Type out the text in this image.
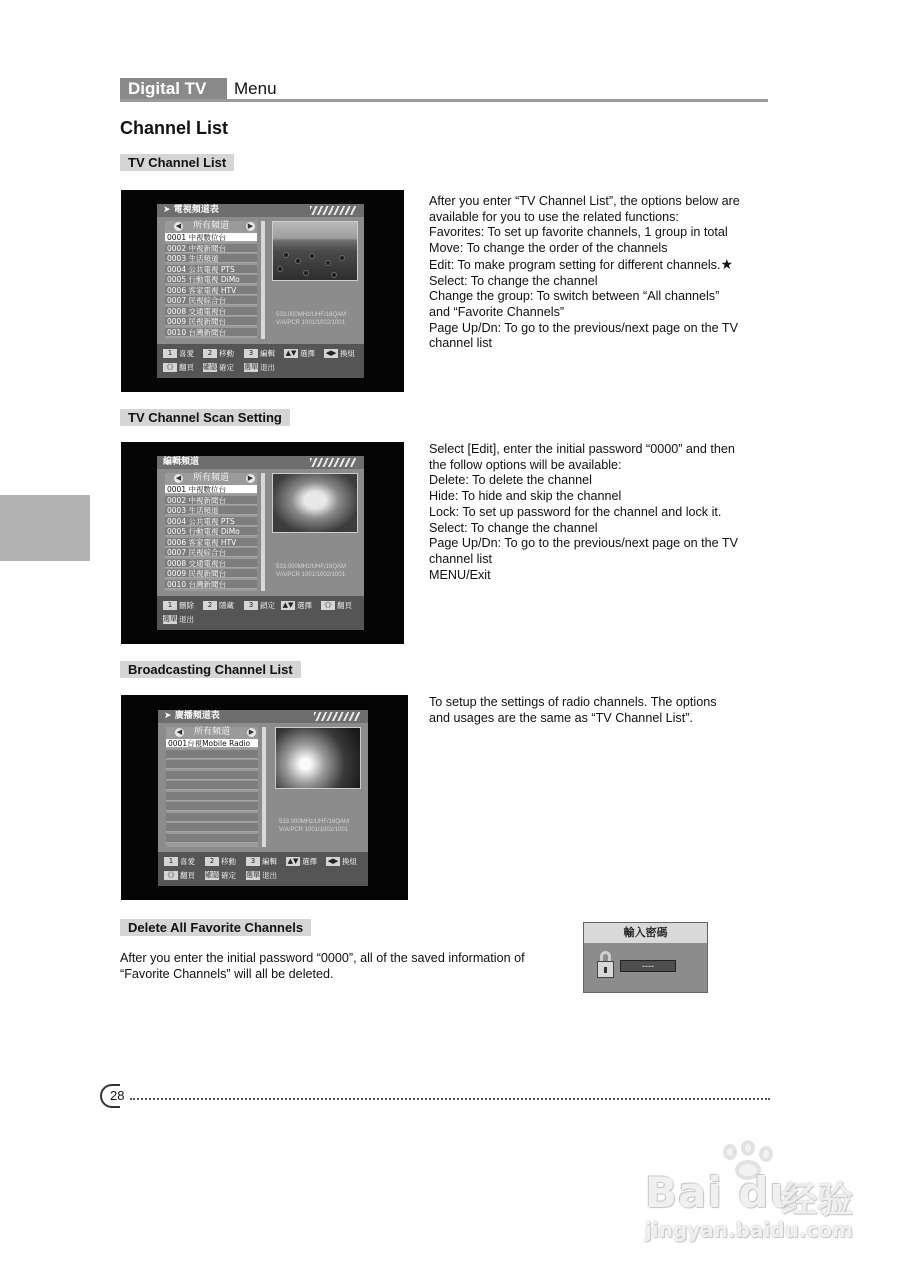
Digital TV	Menu
Channel List
TV Channel List
➤ 電視頻道表
◀ 所有頻道	▶
0001 中視數位台
0002 中視新聞台
0003 生活頻道
0004 公共電視 PTS
0005 行動電視 DiMo
0006 客家電視 HTV
0007 民視綜合台
0008 交通電視台
0009 民視新聞台
0010 台灣新聞台
533.000MHz/UHF/16QAM
V/A/PCR 1001/1002/1001
1 喜愛	2 移動	3 編輯 ▲▼ 選擇 ◀▶ 換組
《》 翻頁 確認 確定 選單 退出
After you enter “TV Channel List”, the options below are
available for you to use the related functions:
Favorites: To set up favorite channels, 1 group in total
Move: To change the order of the channels
Edit: To make program setting for different channels.★
Select: To change the channel
Change the group: To switch between “All channels”
and “Favorite Channels”
Page Up/Dn: To go to the previous/next page on the TV
channel list
TV Channel Scan Setting
編輯頻道
◀ 所有頻道	▶
0001 中視數位台
0002 中視新聞台
0003 生活頻道
0004 公共電視 PTS
0005 行動電視 DiMo
0006 客家電視 HTV
0007 民視綜合台
0008 交通電視台
0009 民視新聞台
0010 台灣新聞台
533.000MHz/UHF/16QAM
V/A/PCR 1001/1002/1001
1 刪除	2 隱藏	3 鎖定 ▲▼ 選擇 《》 翻頁
選單 退出
Select [Edit], enter the initial password “0000” and then
the follow options will be available:
Delete: To delete the channel
Hide: To hide and skip the channel
Lock: To set up password for the channel and lock it.
Select: To change the channel
Page Up/Dn: To go to the previous/next page on the TV
channel list
MENU/Exit
Broadcasting Channel List
➤ 廣播頻道表
◀ 所有頻道	▶
0001台視Mobile Radio
533.000MHz/UHF/16QAM
V/A/PCR 1001/1002/1001
1 喜愛	2 移動	3 編輯 ▲▼ 選擇 ◀▶ 換組
《》 翻頁 確認 確定 選單 退出
To setup the settings of radio channels. The options
and usages are the same as “TV Channel List”.
Delete All Favorite Channels
After you enter the initial password “0000”, all of the saved information of
“Favorite Channels” will all be deleted.
輸入密碼
----
28
Bai du
经验
jingyan.baidu.com
